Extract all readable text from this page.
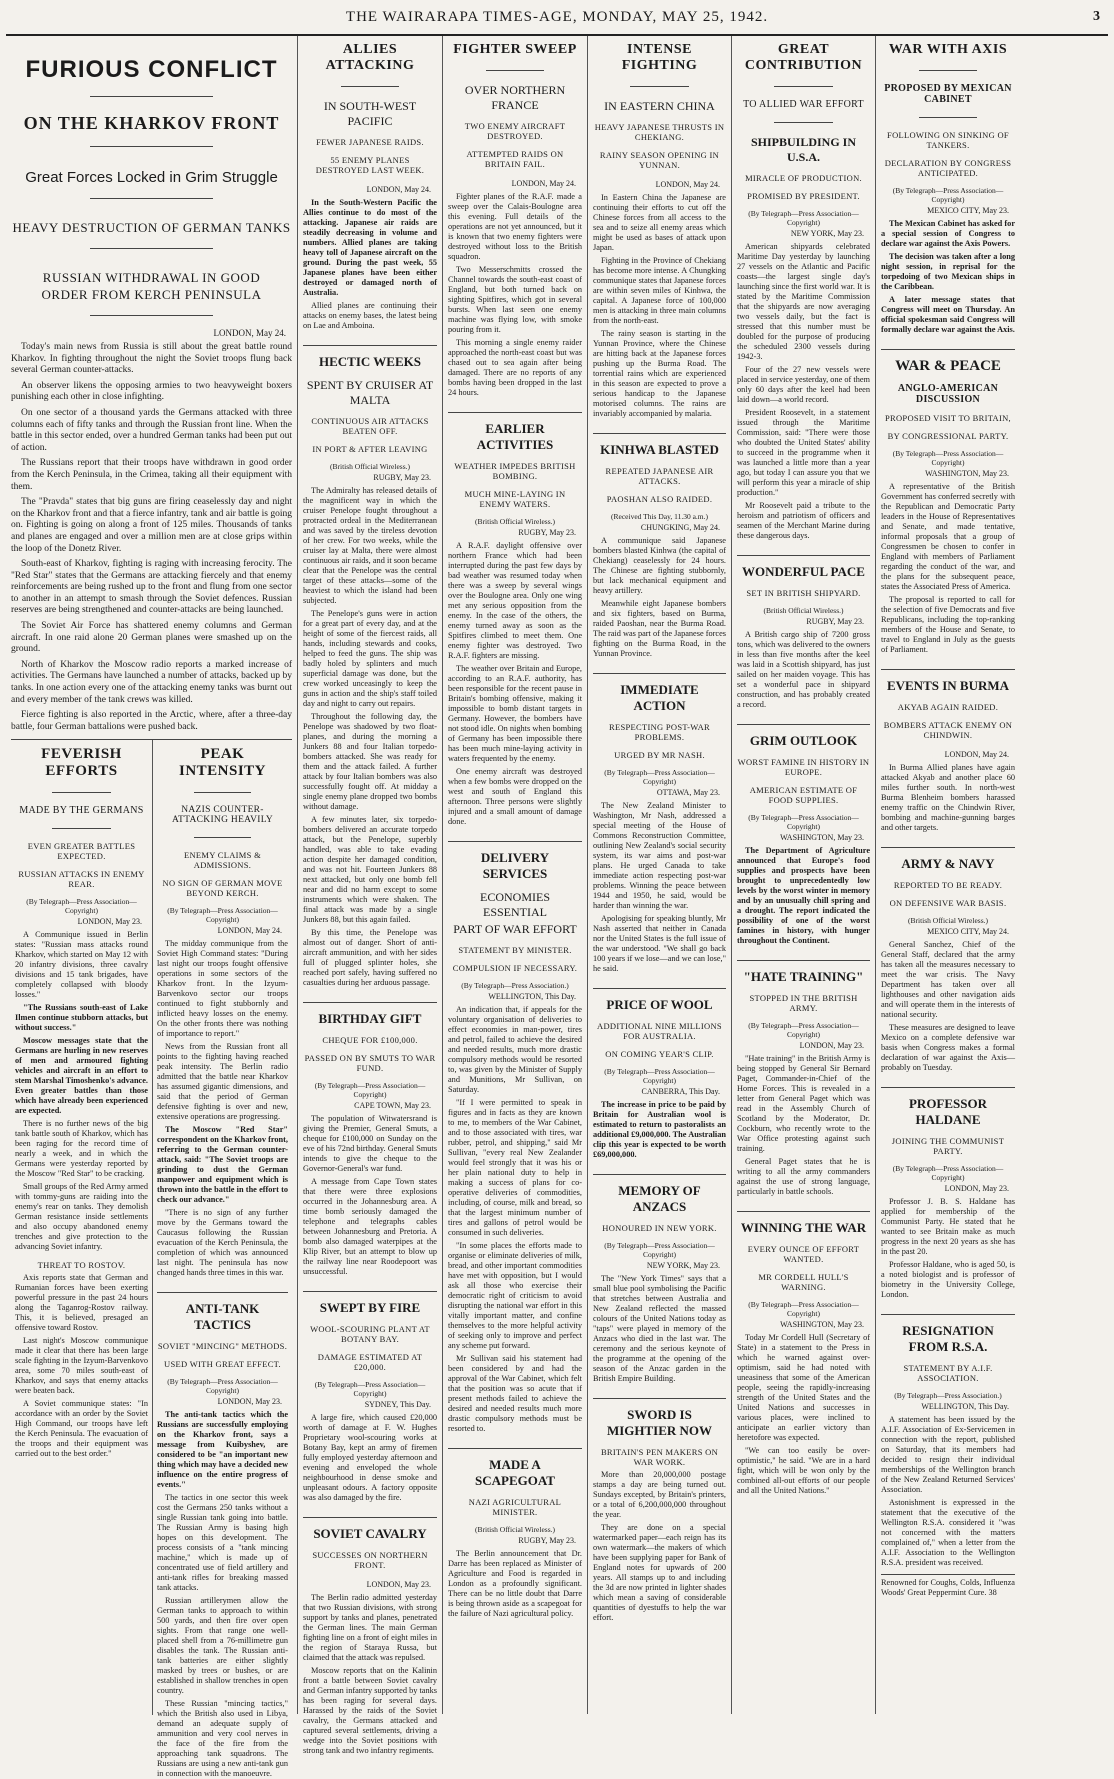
THE WAIRARAPA TIMES-AGE, MONDAY, MAY 25, 1942.	3
FURIOUS CONFLICT
ON THE KHARKOV FRONT
Great Forces Locked in Grim Struggle
HEAVY DESTRUCTION OF GERMAN TANKS
RUSSIAN WITHDRAWAL IN GOOD ORDER FROM KERCH PENINSULA
LONDON, May 24.

Today's main news from Russia is still about the great battle round Kharkov. In fighting throughout the night the Soviet troops flung back several German counter-attacks.

An observer likens the opposing armies to two heavyweight boxers punishing each other in close infighting.

On one sector of a thousand yards the Germans attacked with three columns each of fifty tanks and through the Russian front line. When the battle in this sector ended, over a hundred German tanks had been put out of action.

The Russians report that their troops have withdrawn in good order from the Kerch Peninsula, in the Crimea, taking all their equipment with them.

The "Pravda" states that big guns are firing ceaselessly day and night on the Kharkov front and that a fierce infantry, tank and air battle is going on. Fighting is going on along a front of 125 miles. Thousands of tanks and planes are engaged and over a million men are at close grips within the loop of the Donetz River.

South-east of Kharkov, fighting is raging with increasing ferocity. The "Red Star" states that the Germans are attacking fiercely and that enemy reinforcements are being rushed up to the front and flung from one sector to another in an attempt to smash through the Soviet defences. Russian reserves are being strengthened and counter-attacks are being launched.

The Soviet Air Force has shattered enemy columns and German aircraft. In one raid alone 20 German planes were smashed up on the ground.

North of Kharkov the Moscow radio reports a marked increase of activities. The Germans have launched a number of attacks, backed up by tanks. In one action every one of the attacking enemy tanks was burnt out and every member of the tank crews was killed.

Fierce fighting is also reported in the Arctic, where, after a three-day battle, four German battalions were pushed back.

FEVERISH EFFORTS
MADE BY THE GERMANS
EVEN GREATER BATTLES EXPECTED.
RUSSIAN ATTACKS IN ENEMY REAR.
(By Telegraph—Press Association—Copyright)
LONDON, May 23.

A Communique issued in Berlin states: "Russian mass attacks round Kharkov, which started on May 12 with 20 infantry divisions, three cavalry divisions and 15 tank brigades, have completely collapsed with bloody losses."

"The Russians south-east of Lake Ilmen continue stubborn attacks, but without success."

Moscow messages state that the Germans are hurling in new reserves of men and armoured fighting vehicles and aircraft in an effort to stem Marshal Timoshenko's advance. Even greater battles than those which have already been experienced are expected.

There is no further news of the big tank battle south of Kharkov, which has been raging for the record time of nearly a week, and in which the Germans were yesterday reported by the Moscow "Red Star" to be cracking.

Small groups of the Red Army armed with tommy-guns are raiding into the enemy's rear on tanks. They demolish German resistance inside settlements and also occupy abandoned enemy trenches and give protection to the advancing Soviet infantry.

THREAT TO ROSTOV.

Axis reports state that German and Rumanian forces have been exerting powerful pressure in the past 24 hours along the Taganrog-Rostov railway. This, it is believed, presaged an offensive toward Rostov.

Last night's Moscow communique made it clear that there has been large scale fighting in the Izyum-Barvenkovo area, some 70 miles south-east of Kharkov, and says that enemy attacks were beaten back.

A Soviet communique states: "In accordance with an order by the Soviet High Command, our troops have left the Kerch Peninsula. The evacuation of the troops and their equipment was carried out to the best order."

PEAK INTENSITY
NAZIS COUNTER-ATTACKING HEAVILY
ENEMY CLAIMS & ADMISSIONS.
NO SIGN OF GERMAN MOVE BEYOND KERCH.
(By Telegraph—Press Association—Copyright)
LONDON, May 24.

The midday communique from the Soviet High Command states: "During last night our troops fought offensive operations in some sectors of the Kharkov front. In the Izyum-Barvenkovo sector our troops continued to fight stubbornly and inflicted heavy losses on the enemy. On the other fronts there was nothing of importance to report."

News from the Russian front all points to the fighting having reached peak intensity. The Berlin radio admitted that the battle near Kharkov has assumed gigantic dimensions, and said that the period of German defensive fighting is over and new, extensive operations are progressing.

The Moscow "Red Star" correspondent on the Kharkov front, referring to the German counter-attack, said: "The Soviet troops are grinding to dust the German manpower and equipment which is thrown into the battle in the effort to check our advance."

"There is no sign of any further move by the Germans toward the Caucasus following the Russian evacuation of the Kerch Peninsula, the completion of which was announced last night. The peninsula has now changed hands three times in this war.

ANTI-TANK TACTICS
SOVIET "MINCING" METHODS.
USED WITH GREAT EFFECT.
(By Telegraph—Press Association—Copyright)
LONDON, May 23.

The anti-tank tactics which the Russians are successfully employing on the Kharkov front, says a message from Kuibyshev, are considered to be "an important new thing which may have a decided new influence on the entire progress of events."

The tactics in one sector this week cost the Germans 250 tanks without a single Russian tank going into battle. The Russian Army is basing high hopes on this development. The process consists of a "tank mincing machine," which is made up of concentrated use of field artillery and anti-tank rifles for breaking massed tank attacks.

Russian artillerymen allow the German tanks to approach to within 500 yards, and then fire over open sights. From that range one well-placed shell from a 76-millimetre gun disables the tank. The Russian anti-tank batteries are either slightly masked by trees or bushes, or are established in shallow trenches in open country.

These Russian "mincing tactics," which the British also used in Libya, demand an adequate supply of ammunition and very cool nerves in the face of the fire from the approaching tank squadrons. The Russians are using a new anti-tank gun in connection with the manoeuvre.

ALLIES ATTACKING
IN SOUTH-WEST PACIFIC
FEWER JAPANESE RAIDS.
55 ENEMY PLANES DESTROYED LAST WEEK.
LONDON, May 24.

In the South-Western Pacific the Allies continue to do most of the attacking. Japanese air raids are steadily decreasing in volume and numbers. Allied planes are taking heavy toll of Japanese aircraft on the ground. During the past week, 55 Japanese planes have been either destroyed or damaged north of Australia.

Allied planes are continuing their attacks on enemy bases, the latest being on Lae and Amboina.

HECTIC WEEKS
SPENT BY CRUISER AT MALTA
CONTINUOUS AIR ATTACKS BEATEN OFF.
IN PORT & AFTER LEAVING
(British Official Wireless.)
RUGBY, May 23.

The Admiralty has released details of the magnificent way in which the cruiser Penelope fought throughout a protracted ordeal in the Mediterranean and was saved by the tireless devotion of her crew. For two weeks, while the cruiser lay at Malta, there were almost continuous air raids, and it soon became clear that the Penelope was the central target of these attacks—some of the heaviest to which the island had been subjected.

The Penelope's guns were in action for a great part of every day, and at the height of some of the fiercest raids, all hands, including stewards and cooks, helped to feed the guns. The ship was badly holed by splinters and much superficial damage was done, but the crew worked unceasingly to keep the guns in action and the ship's staff toiled day and night to carry out repairs.

Throughout the following day, the Penelope was shadowed by two float-planes, and during the morning a Junkers 88 and four Italian torpedo-bombers attacked. She was ready for them and the attack failed. A further attack by four Italian bombers was also successfully fought off. At midday a single enemy plane dropped two bombs without damage.

A few minutes later, six torpedo-bombers delivered an accurate torpedo attack, but the Penelope, superbly handled, was able to take evading action despite her damaged condition, and was not hit. Fourteen Junkers 88 next attacked, but only one bomb fell near and did no harm except to some instruments which were shaken. The final attack was made by a single Junkers 88, but this again failed.

By this time, the Penelope was almost out of danger. Short of anti-aircraft ammunition, and with her sides full of plugged splinter holes, she reached port safely, having suffered no casualties during her arduous passage.

BIRTHDAY GIFT
CHEQUE FOR £100,000.
PASSED ON BY SMUTS TO WAR FUND.
(By Telegraph—Press Association—Copyright)
CAPE TOWN, May 23.

The population of Witwatersrand is giving the Premier, General Smuts, a cheque for £100,000 on Sunday on the eve of his 72nd birthday. General Smuts intends to give the cheque to the Governor-General's war fund.

A message from Cape Town states that there were three explosions occurred in the Johannesburg area. A time bomb seriously damaged the telephone and telegraphs cables between Johannesburg and Pretoria. A bomb also damaged waterpipes at the Klip River, but an attempt to blow up the railway line near Roodepoort was unsuccessful.

SWEPT BY FIRE
WOOL-SCOURING PLANT AT BOTANY BAY.
DAMAGE ESTIMATED AT £20,000.
(By Telegraph—Press Association—Copyright)
SYDNEY, This Day.

A large fire, which caused £20,000 worth of damage at F. W. Hughes Proprietary wool-scouring works at Botany Bay, kept an army of firemen fully employed yesterday afternoon and evening and enveloped the whole neighbourhood in dense smoke and unpleasant odours. A factory opposite was also damaged by the fire.

SOVIET CAVALRY
SUCCESSES ON NORTHERN FRONT.
LONDON, May 23.

The Berlin radio admitted yesterday that two Russian divisions, with strong support by tanks and planes, penetrated the German lines. The main German fighting line on a front of eight miles in the region of Staraya Russa, but claimed that the attack was repulsed.

Moscow reports that on the Kalinin front a battle between Soviet cavalry and German infantry supported by tanks has been raging for several days. Harassed by the raids of the Soviet cavalry, the Germans attacked and captured several settlements, driving a wedge into the Soviet positions with strong tank and two infantry regiments.

FIGHTER SWEEP
OVER NORTHERN FRANCE
TWO ENEMY AIRCRAFT DESTROYED.
ATTEMPTED RAIDS ON BRITAIN FAIL.
LONDON, May 24.

Fighter planes of the R.A.F. made a sweep over the Calais-Boulogne area this evening. Full details of the operations are not yet announced, but it is known that two enemy fighters were destroyed without loss to the British squadron.

Two Messerschmitts crossed the Channel towards the south-east coast of England, but both turned back on sighting Spitfires, which got in several bursts. When last seen one enemy machine was flying low, with smoke pouring from it.

This morning a single enemy raider approached the north-east coast but was chased out to sea again after being damaged. There are no reports of any bombs having been dropped in the last 24 hours.

EARLIER ACTIVITIES
WEATHER IMPEDES BRITISH BOMBING.
MUCH MINE-LAYING IN ENEMY WATERS.
(British Official Wireless.)
RUGBY, May 23.

A R.A.F. daylight offensive over northern France which had been interrupted during the past few days by bad weather was resumed today when there was a sweep by several wings over the Boulogne area. Only one wing met any serious opposition from the enemy. In the case of the others, the enemy turned away as soon as the Spitfires climbed to meet them. One enemy fighter was destroyed. Two R.A.F. fighters are missing.

The weather over Britain and Europe, according to an R.A.F. authority, has been responsible for the recent pause in Britain's bombing offensive, making it impossible to bomb distant targets in Germany. However, the bombers have not stood idle. On nights when bombing of Germany has been impossible there has been much mine-laying activity in waters frequented by the enemy.

One enemy aircraft was destroyed when a few bombs were dropped on the west and south of England this afternoon. Three persons were slightly injured and a small amount of damage done.

DELIVERY SERVICES
ECONOMIES ESSENTIAL
PART OF WAR EFFORT
STATEMENT BY MINISTER.
COMPULSION IF NECESSARY.
(By Telegraph—Press Association.)
WELLINGTON, This Day.

An indication that, if appeals for the voluntary organisation of deliveries to effect economies in man-power, tires and petrol, failed to achieve the desired and needed results, much more drastic compulsory methods would be resorted to, was given by the Minister of Supply and Munitions, Mr Sullivan, on Saturday.

"If I were permitted to speak in figures and in facts as they are known to me, to members of the War Cabinet, and to those associated with tires, war rubber, petrol, and shipping," said Mr Sullivan, "every real New Zealander would feel strongly that it was his or her plain national duty to help in making a success of plans for co-operative deliveries of commodities, including, of course, milk and bread, so that the largest minimum number of tires and gallons of petrol would be consumed in such deliveries.

"In some places the efforts made to organise or eliminate deliveries of milk, bread, and other important commodities have met with opposition, but I would ask all those who exercise their democratic right of criticism to avoid disrupting the national war effort in this vitally important matter, and confine themselves to the more helpful activity of seeking only to improve and perfect any scheme put forward.

Mr Sullivan said his statement had been considered by and had the approval of the War Cabinet, which felt that the position was so acute that if present methods failed to achieve the desired and needed results much more drastic compulsory methods must be resorted to.

MADE A SCAPEGOAT
NAZI AGRICULTURAL MINISTER.
(British Official Wireless.)
RUGBY, May 23.

The Berlin announcement that Dr. Darre has been replaced as Minister of Agriculture and Food is regarded in London as a profoundly significant. There can be no little doubt that Darre is being thrown aside as a scapegoat for the failure of Nazi agricultural policy.

INTENSE FIGHTING
IN EASTERN CHINA
HEAVY JAPANESE THRUSTS IN CHEKIANG.
RAINY SEASON OPENING IN YUNNAN.
LONDON, May 24.

In Eastern China the Japanese are continuing their efforts to cut off the Chinese forces from all access to the sea and to seize all enemy areas which might be used as bases of attack upon Japan.

Fighting in the Province of Chekiang has become more intense. A Chungking communique states that Japanese forces are within seven miles of Kinhwa, the capital. A Japanese force of 100,000 men is attacking in three main columns from the north-east.

The rainy season is starting in the Yunnan Province, where the Chinese are hitting back at the Japanese forces pushing up the Burma Road. The torrential rains which are experienced in this season are expected to prove a serious handicap to the Japanese motorised columns. The rains are invariably accompanied by malaria.

KINHWA BLASTED
REPEATED JAPANESE AIR ATTACKS.
PAOSHAN ALSO RAIDED.
(Received This Day, 11.30 a.m.)
CHUNGKING, May 24.

A communique said Japanese bombers blasted Kinhwa (the capital of Chekiang) ceaselessly for 24 hours. The Chinese are fighting stubbornly, but lack mechanical equipment and heavy artillery.

Meanwhile eight Japanese bombers and six fighters, based on Burma, raided Paoshan, near the Burma Road. The raid was part of the Japanese forces fighting on the Burma Road, in the Yunnan Province.

IMMEDIATE ACTION
RESPECTING POST-WAR PROBLEMS.
URGED BY MR NASH.
(By Telegraph—Press Association—Copyright)
OTTAWA, May 23.

The New Zealand Minister to Washington, Mr Nash, addressed a special meeting of the House of Commons Reconstruction Committee, outlining New Zealand's social security system, its war aims and post-war plans. He urged Canada to take immediate action respecting post-war problems. Winning the peace between 1944 and 1950, he said, would be harder than winning the war.

Apologising for speaking bluntly, Mr Nash asserted that neither in Canada nor the United States is the full issue of the war understood. "We shall go back 100 years if we lose—and we can lose," he said.

PRICE OF WOOL
ADDITIONAL NINE MILLIONS FOR AUSTRALIA.
ON COMING YEAR'S CLIP.
(By Telegraph—Press Association—Copyright)
CANBERRA, This Day.

The increase in price to be paid by Britain for Australian wool is estimated to return to pastoralists an additional £9,000,000. The Australian clip this year is expected to be worth £69,000,000.

MEMORY OF ANZACS
HONOURED IN NEW YORK.
(By Telegraph—Press Association—Copyright)
NEW YORK, May 23.

The "New York Times" says that a small blue pool symbolising the Pacific that stretches between Australia and New Zealand reflected the massed colours of the United Nations today as "taps" were played in memory of the Anzacs who died in the last war. The ceremony and the serious keynote of the programme at the opening of the season of the Anzac garden in the British Empire Building.

SWORD IS MIGHTIER NOW
BRITAIN'S PEN MAKERS ON WAR WORK.

More than 20,000,000 postage stamps a day are being turned out. Sundays excepted, by Britain's printers, or a total of 6,200,000,000 throughout the year.

They are done on a special watermarked paper—each reign has its own watermark—the makers of which have been supplying paper for Bank of England notes for upwards of 200 years. All stamps up to and including the 3d are now printed in lighter shades which mean a saving of considerable quantities of dyestuffs to help the war effort.

GREAT CONTRIBUTION
TO ALLIED WAR EFFORT
SHIPBUILDING IN U.S.A.
MIRACLE OF PRODUCTION.
PROMISED BY PRESIDENT.
(By Telegraph—Press Association—Copyright)
NEW YORK, May 23.

American shipyards celebrated Maritime Day yesterday by launching 27 vessels on the Atlantic and Pacific coasts—the largest single day's launching since the first world war. It is stated by the Maritime Commission that the shipyards are now averaging two vessels daily, but the fact is stressed that this number must be doubled for the purpose of producing the scheduled 2300 vessels during 1942-3.

Four of the 27 new vessels were placed in service yesterday, one of them only 60 days after the keel had been laid down—a world record.

President Roosevelt, in a statement issued through the Maritime Commission, said: "There were those who doubted the United States' ability to succeed in the programme when it was launched a little more than a year ago, but today I can assure you that we will perform this year a miracle of ship production."

Mr Roosevelt paid a tribute to the heroism and patriotism of officers and seamen of the Merchant Marine during these dangerous days.

WONDERFUL PACE
SET IN BRITISH SHIPYARD.
(British Official Wireless.)
RUGBY, May 23.

A British cargo ship of 7200 gross tons, which was delivered to the owners in less than five months after the keel was laid in a Scottish shipyard, has just sailed on her maiden voyage. This has set a wonderful pace in shipyard construction, and has probably created a record.

GRIM OUTLOOK
WORST FAMINE IN HISTORY IN EUROPE.
AMERICAN ESTIMATE OF FOOD SUPPLIES.
(By Telegraph—Press Association—Copyright)
WASHINGTON, May 23.

The Department of Agriculture announced that Europe's food supplies and prospects have been brought to unprecedentedly low levels by the worst winter in memory and by an unusually chill spring and a drought. The report indicated the possibility of one of the worst famines in history, with hunger throughout the Continent.

"HATE TRAINING"
STOPPED IN THE BRITISH ARMY.
(By Telegraph—Press Association—Copyright)
LONDON, May 23.

"Hate training" in the British Army is being stopped by General Sir Bernard Paget, Commander-in-Chief of the Home Forces. This is revealed in a letter from General Paget which was read in the Assembly Church of Scotland by the Moderator, Dr. Cockburn, who recently wrote to the War Office protesting against such training.

General Paget states that he is writing to all the army commanders against the use of strong language, particularly in battle schools.

WINNING THE WAR
EVERY OUNCE OF EFFORT WANTED.
MR CORDELL HULL'S WARNING.
(By Telegraph—Press Association—Copyright)
WASHINGTON, May 23.

Today Mr Cordell Hull (Secretary of State) in a statement to the Press in which he warned against over-optimism, said he had noted with uneasiness that some of the American people, seeing the rapidly-increasing strength of the United States and the United Nations and successes in various places, were inclined to anticipate an earlier victory than heretofore was expected.

"We can too easily be over-optimistic," he said. "We are in a hard fight, which will be won only by the combined all-out efforts of our people and all the United Nations."

WAR WITH AXIS
PROPOSED BY MEXICAN CABINET
FOLLOWING ON SINKING OF TANKERS.
DECLARATION BY CONGRESS ANTICIPATED.
(By Telegraph—Press Association—Copyright)
MEXICO CITY, May 23.

The Mexican Cabinet has asked for a special session of Congress to declare war against the Axis Powers.

The decision was taken after a long night session, in reprisal for the torpedoing of two Mexican ships in the Caribbean.

A later message states that Congress will meet on Thursday. An official spokesman said Congress will formally declare war against the Axis.

WAR & PEACE
ANGLO-AMERICAN DISCUSSION
PROPOSED VISIT TO BRITAIN,
BY CONGRESSIONAL PARTY.
(By Telegraph—Press Association—Copyright)
WASHINGTON, May 23.

A representative of the British Government has conferred secretly with the Republican and Democratic Party leaders in the House of Representatives and Senate, and made tentative, informal proposals that a group of Congressmen be chosen to confer in England with members of Parliament regarding the conduct of the war, and the plans for the subsequent peace, states the Associated Press of America.

The proposal is reported to call for the selection of five Democrats and five Republicans, including the top-ranking members of the House and Senate, to travel to England in July as the guests of Parliament.

EVENTS IN BURMA
AKYAB AGAIN RAIDED.
BOMBERS ATTACK ENEMY ON CHINDWIN.
LONDON, May 24.

In Burma Allied planes have again attacked Akyab and another place 60 miles further south. In north-west Burma Blenheim bombers harassed enemy traffic on the Chindwin River, bombing and machine-gunning barges and other targets.

ARMY & NAVY
REPORTED TO BE READY.
ON DEFENSIVE WAR BASIS.
(British Official Wireless.)
MEXICO CITY, May 24.

General Sanchez, Chief of the General Staff, declared that the army has taken all the measures necessary to meet the war crisis. The Navy Department has taken over all lighthouses and other navigation aids and will operate them in the interests of national security.

These measures are designed to leave Mexico on a complete defensive war basis when Congress makes a formal declaration of war against the Axis—probably on Tuesday.

PROFESSOR HALDANE
JOINING THE COMMUNIST PARTY.
(By Telegraph—Press Association—Copyright)
LONDON, May 23.

Professor J. B. S. Haldane has applied for membership of the Communist Party. He stated that he wanted to see Britain make as much progress in the next 20 years as she has in the past 20.

Professor Haldane, who is aged 50, is a noted biologist and is professor of biometry in the University College, London.

RESIGNATION FROM R.S.A.
STATEMENT BY A.I.F. ASSOCIATION.
(By Telegraph—Press Association.)
WELLINGTON, This Day.

A statement has been issued by the A.I.F. Association of Ex-Servicemen in connection with the report, published on Saturday, that its members had decided to resign their individual memberships of the Wellington branch of the New Zealand Returned Services' Association.

Astonishment is expressed in the statement that the executive of the Wellington R.S.A. considered it "was not concerned with the matters complained of," when a letter from the A.I.F. Association to the Wellington R.S.A. president was received.

Renowned for Coughs, Colds, Influenza Woods' Great Peppermint Cure. 38
